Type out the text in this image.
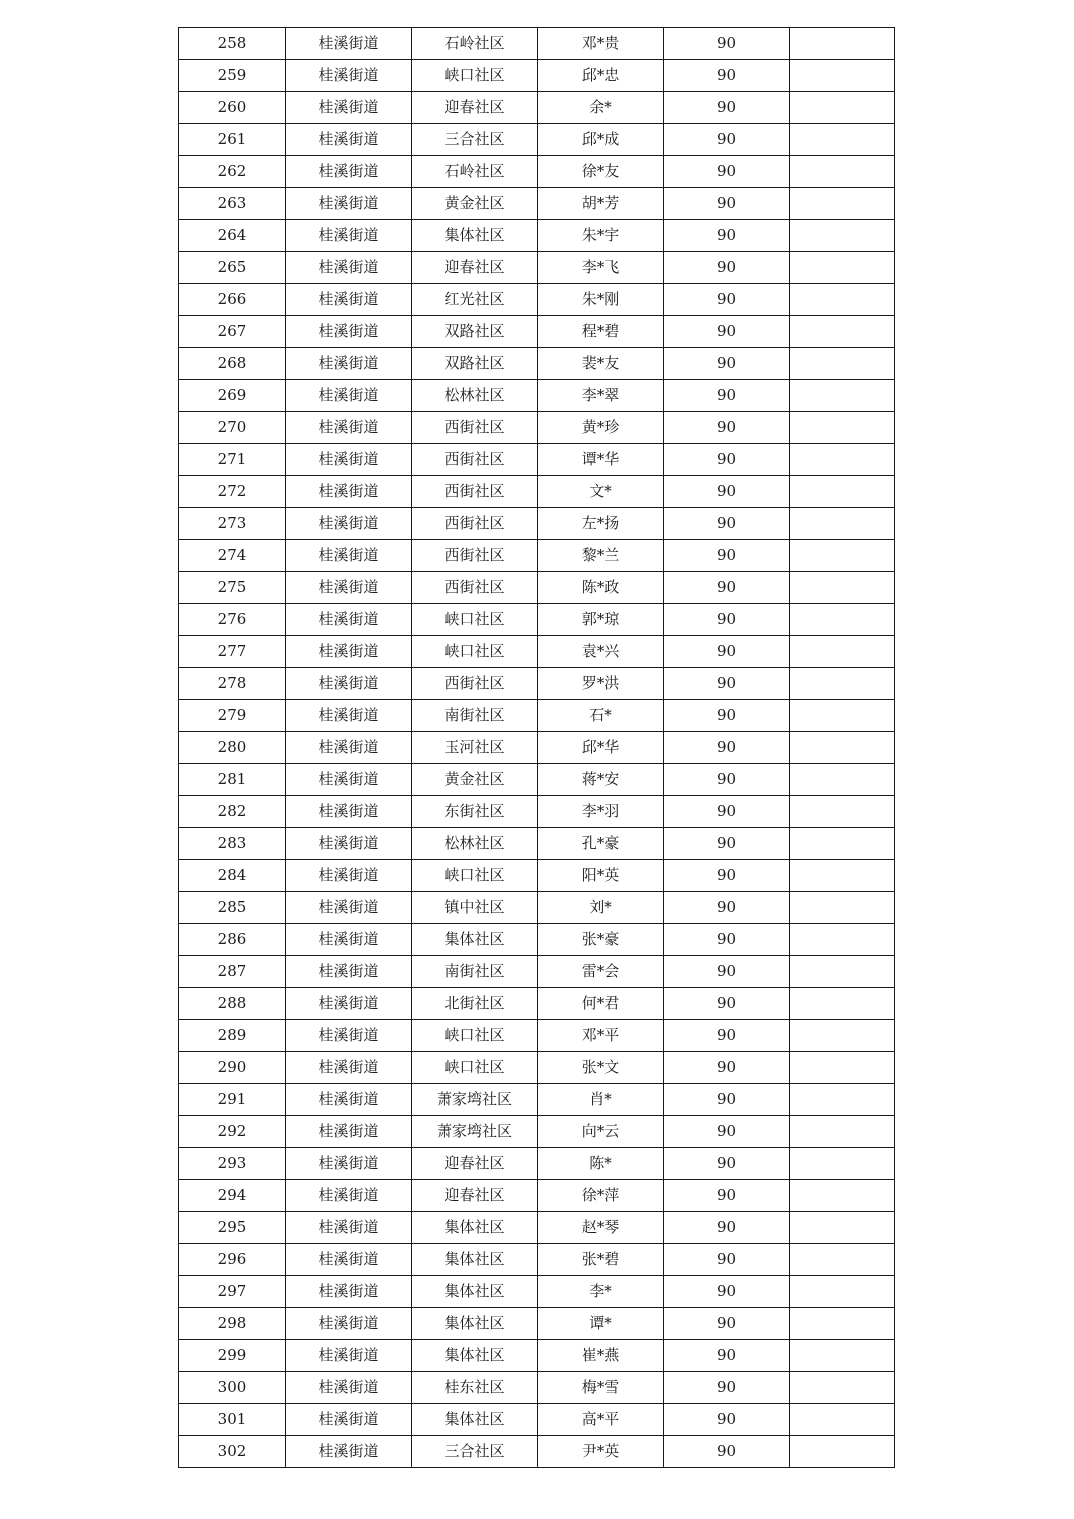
258	桂溪街道	石岭社区	邓*贵	90	
259	桂溪街道	峡口社区	邱*忠	90	
260	桂溪街道	迎春社区	余*	90	
261	桂溪街道	三合社区	邱*成	90	
262	桂溪街道	石岭社区	徐*友	90	
263	桂溪街道	黄金社区	胡*芳	90	
264	桂溪街道	集体社区	朱*宇	90	
265	桂溪街道	迎春社区	李*飞	90	
266	桂溪街道	红光社区	朱*刚	90	
267	桂溪街道	双路社区	程*碧	90	
268	桂溪街道	双路社区	裴*友	90	
269	桂溪街道	松林社区	李*翠	90	
270	桂溪街道	西街社区	黄*珍	90	
271	桂溪街道	西街社区	谭*华	90	
272	桂溪街道	西街社区	文*	90	
273	桂溪街道	西街社区	左*扬	90	
274	桂溪街道	西街社区	黎*兰	90	
275	桂溪街道	西街社区	陈*政	90	
276	桂溪街道	峡口社区	郭*琼	90	
277	桂溪街道	峡口社区	袁*兴	90	
278	桂溪街道	西街社区	罗*洪	90	
279	桂溪街道	南街社区	石*	90	
280	桂溪街道	玉河社区	邱*华	90	
281	桂溪街道	黄金社区	蒋*安	90	
282	桂溪街道	东街社区	李*羽	90	
283	桂溪街道	松林社区	孔*豪	90	
284	桂溪街道	峡口社区	阳*英	90	
285	桂溪街道	镇中社区	刘*	90	
286	桂溪街道	集体社区	张*豪	90	
287	桂溪街道	南街社区	雷*会	90	
288	桂溪街道	北街社区	何*君	90	
289	桂溪街道	峡口社区	邓*平	90	
290	桂溪街道	峡口社区	张*文	90	
291	桂溪街道	萧家塆社区	肖*	90	
292	桂溪街道	萧家塆社区	向*云	90	
293	桂溪街道	迎春社区	陈*	90	
294	桂溪街道	迎春社区	徐*萍	90	
295	桂溪街道	集体社区	赵*琴	90	
296	桂溪街道	集体社区	张*碧	90	
297	桂溪街道	集体社区	李*	90	
298	桂溪街道	集体社区	谭*	90	
299	桂溪街道	集体社区	崔*燕	90	
300	桂溪街道	桂东社区	梅*雪	90	
301	桂溪街道	集体社区	高*平	90	
302	桂溪街道	三合社区	尹*英	90	
